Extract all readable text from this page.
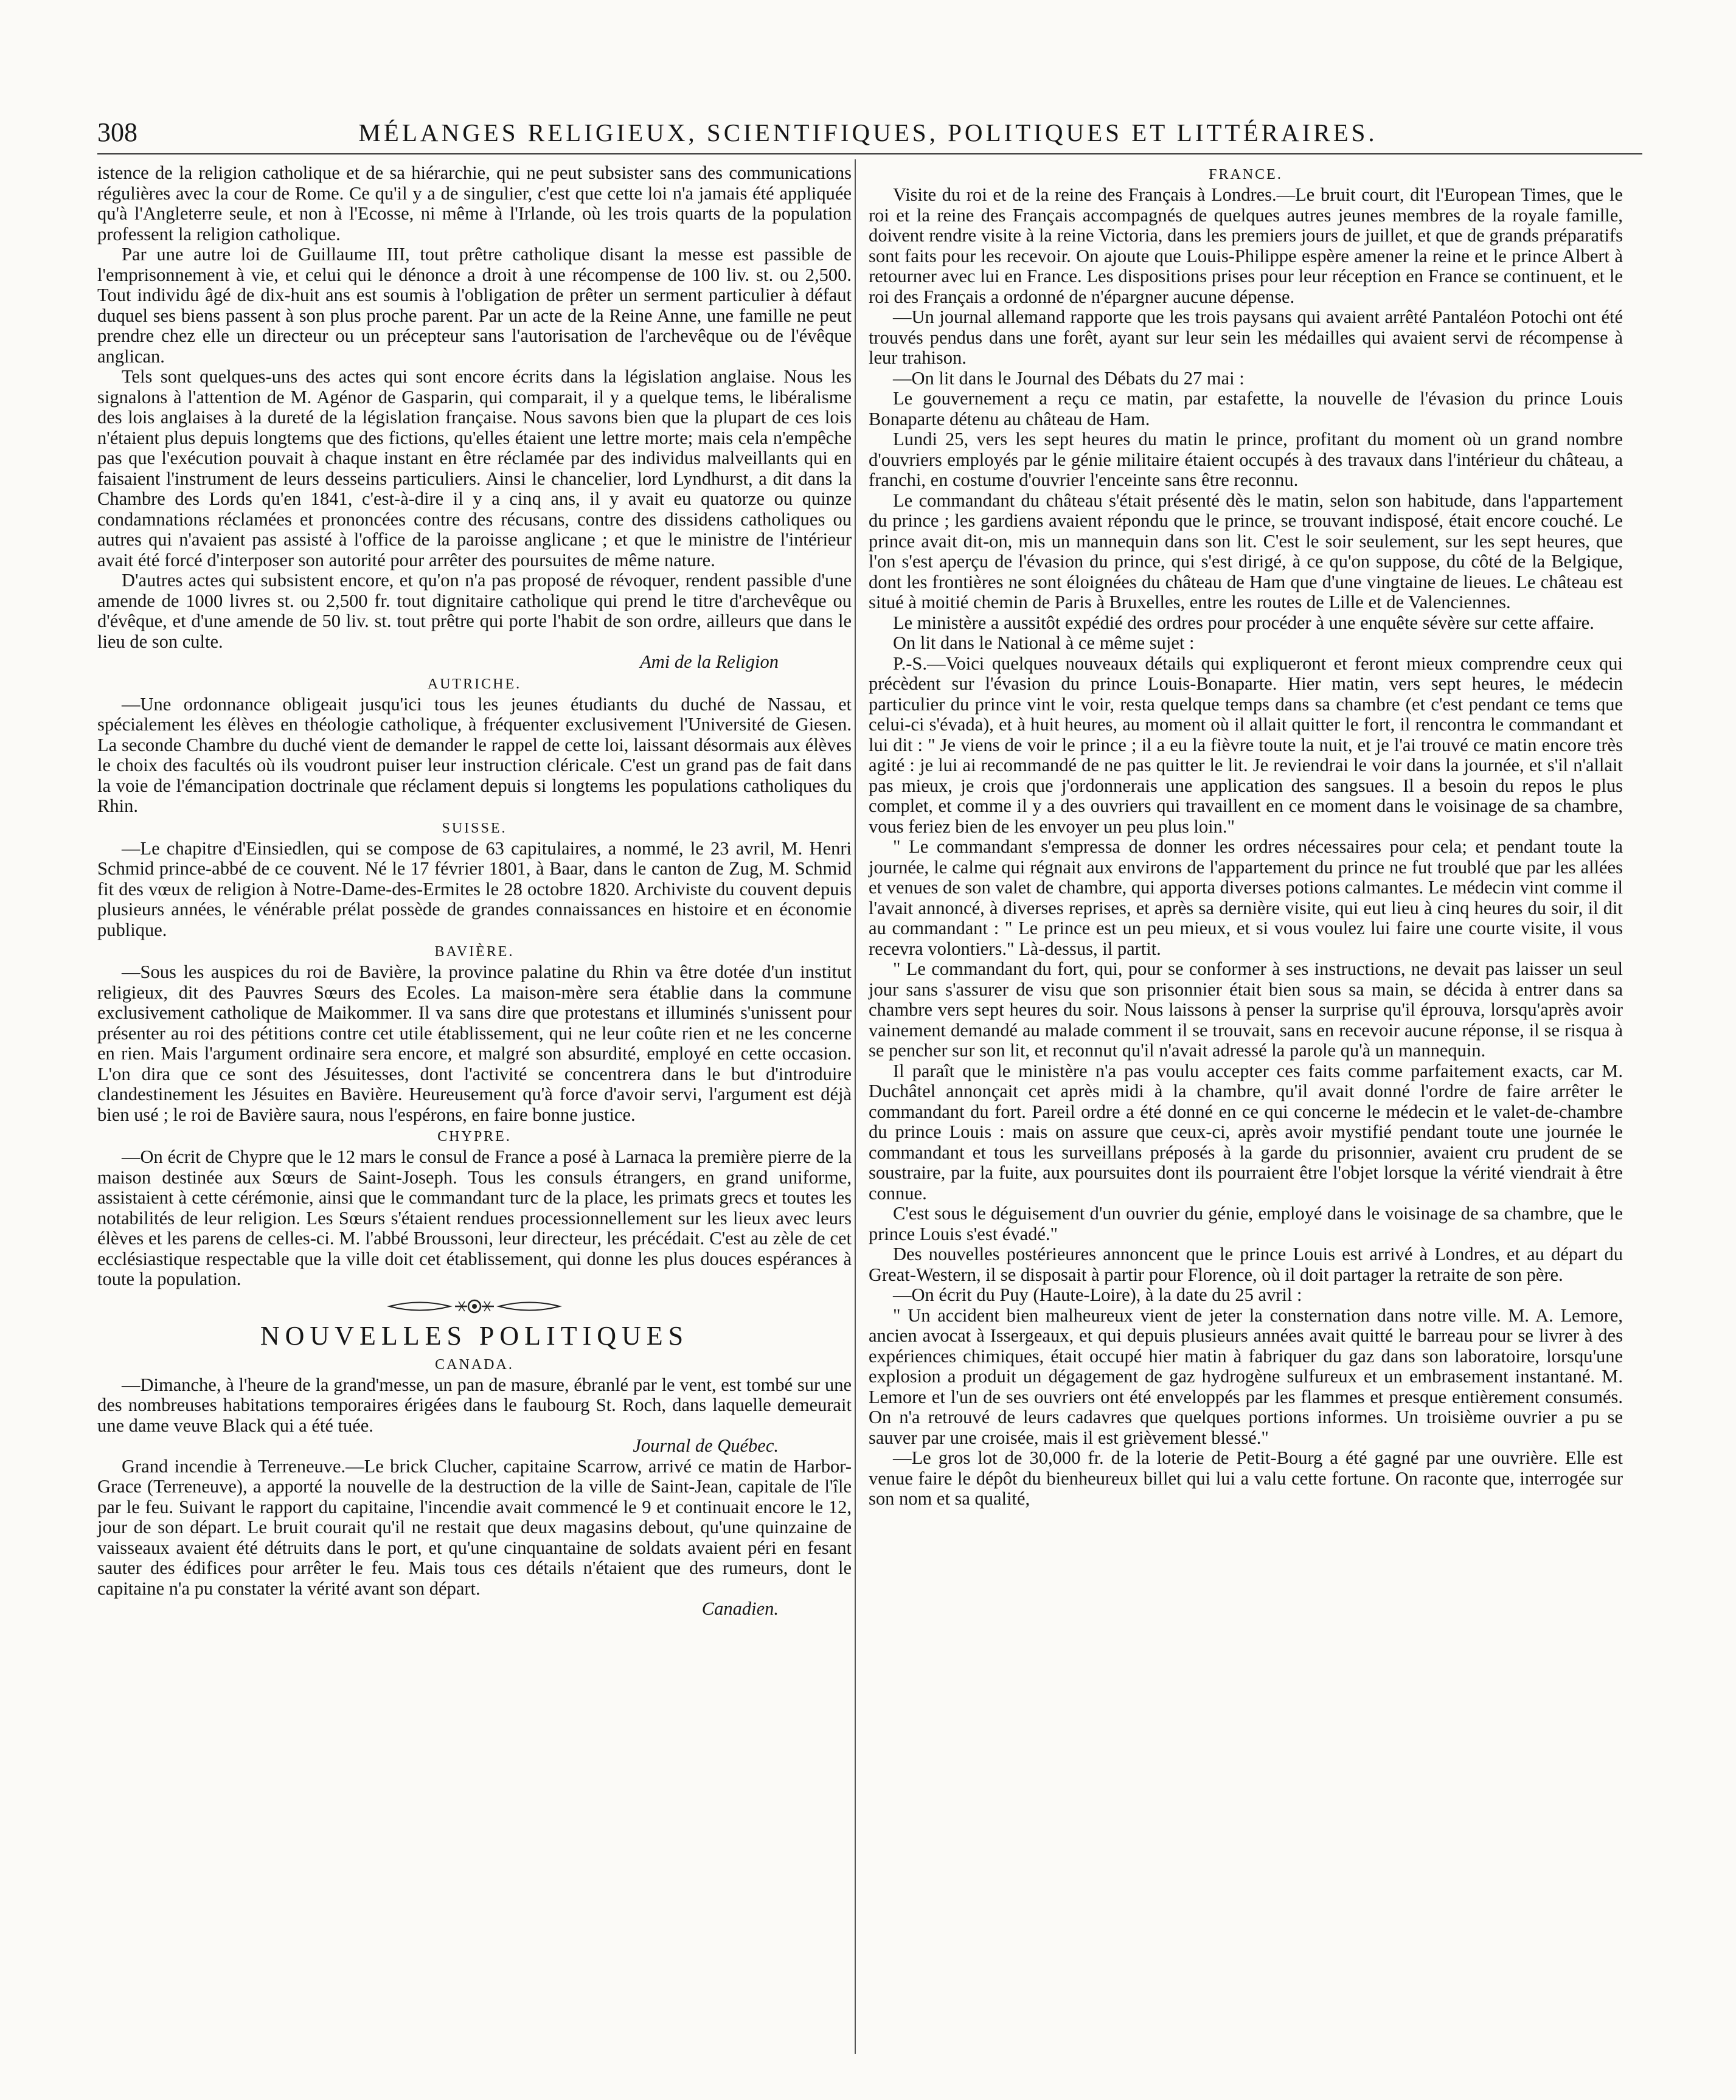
308	MÉLANGES RELIGIEUX, SCIENTIFIQUES, POLITIQUES ET LITTÉRAIRES.

istence de la religion catholique et de sa hiérarchie, qui ne peut subsister sans des communications régulières avec la cour de Rome. Ce qu'il y a de singulier, c'est que cette loi n'a jamais été appliquée qu'à l'Angleterre seule, et non à l'Ecosse, ni même à l'Irlande, où les trois quarts de la population professent la religion catholique.

Par une autre loi de Guillaume III, tout prêtre catholique disant la messe est passible de l'emprisonnement à vie, et celui qui le dénonce a droit à une récompense de 100 liv. st. ou 2,500. Tout individu âgé de dix-huit ans est soumis à l'obligation de prêter un serment particulier à défaut duquel ses biens passent à son plus proche parent. Par un acte de la Reine Anne, une famille ne peut prendre chez elle un directeur ou un précepteur sans l'autorisation de l'archevêque ou de l'évêque anglican.

Tels sont quelques-uns des actes qui sont encore écrits dans la législation anglaise. Nous les signalons à l'attention de M. Agénor de Gasparin, qui comparait, il y a quelque tems, le libéralisme des lois anglaises à la dureté de la législation française. Nous savons bien que la plupart de ces lois n'étaient plus depuis longtems que des fictions, qu'elles étaient une lettre morte; mais cela n'empêche pas que l'exécution pouvait à chaque instant en être réclamée par des individus malveillants qui en faisaient l'instrument de leurs desseins particuliers. Ainsi le chancelier, lord Lyndhurst, a dit dans la Chambre des Lords qu'en 1841, c'est-à-dire il y a cinq ans, il y avait eu quatorze ou quinze condamnations réclamées et prononcées contre des récusans, contre des dissidens catholiques ou autres qui n'avaient pas assisté à l'office de la paroisse anglicane ; et que le ministre de l'intérieur avait été forcé d'interposer son autorité pour arrêter des poursuites de même nature.

D'autres actes qui subsistent encore, et qu'on n'a pas proposé de révoquer, rendent passible d'une amende de 1000 livres st. ou 2,500 fr. tout dignitaire catholique qui prend le titre d'archevêque ou d'évêque, et d'une amende de 50 liv. st. tout prêtre qui porte l'habit de son ordre, ailleurs que dans le lieu de son culte.

Ami de la Religion

AUTRICHE.

—Une ordonnance obligeait jusqu'ici tous les jeunes étudiants du duché de Nassau, et spécialement les élèves en théologie catholique, à fréquenter exclusivement l'Université de Giesen. La seconde Chambre du duché vient de demander le rappel de cette loi, laissant désormais aux élèves le choix des facultés où ils voudront puiser leur instruction cléricale. C'est un grand pas de fait dans la voie de l'émancipation doctrinale que réclament depuis si longtems les populations catholiques du Rhin.

SUISSE.

—Le chapitre d'Einsiedlen, qui se compose de 63 capitulaires, a nommé, le 23 avril, M. Henri Schmid prince-abbé de ce couvent. Né le 17 février 1801, à Baar, dans le canton de Zug, M. Schmid fit des vœux de religion à Notre-Dame-des-Ermites le 28 octobre 1820. Archiviste du couvent depuis plusieurs années, le vénérable prélat possède de grandes connaissances en histoire et en économie publique.

BAVIÈRE.

—Sous les auspices du roi de Bavière, la province palatine du Rhin va être dotée d'un institut religieux, dit des Pauvres Sœurs des Ecoles. La maison-mère sera établie dans la commune exclusivement catholique de Maikommer. Il va sans dire que protestans et illuminés s'unissent pour présenter au roi des pétitions contre cet utile établissement, qui ne leur coûte rien et ne les concerne en rien. Mais l'argument ordinaire sera encore, et malgré son absurdité, employé en cette occasion. L'on dira que ce sont des Jésuitesses, dont l'activité se concentrera dans le but d'introduire clandestinement les Jésuites en Bavière. Heureusement qu'à force d'avoir servi, l'argument est déjà bien usé ; le roi de Bavière saura, nous l'espérons, en faire bonne justice.

CHYPRE.

—On écrit de Chypre que le 12 mars le consul de France a posé à Larnaca la première pierre de la maison destinée aux Sœurs de Saint-Joseph. Tous les consuls étrangers, en grand uniforme, assistaient à cette cérémonie, ainsi que le commandant turc de la place, les primats grecs et toutes les notabilités de leur religion. Les Sœurs s'étaient rendues processionnellement sur les lieux avec leurs élèves et les parens de celles-ci. M. l'abbé Broussoni, leur directeur, les précédait. C'est au zèle de cet ecclésiastique respectable que la ville doit cet établissement, qui donne les plus douces espérances à toute la population.

NOUVELLES POLITIQUES
CANADA.

—Dimanche, à l'heure de la grand'messe, un pan de masure, ébranlé par le vent, est tombé sur une des nombreuses habitations temporaires érigées dans le faubourg St. Roch, dans laquelle demeurait une dame veuve Black qui a été tuée.

Journal de Québec.

Grand incendie à Terreneuve.—Le brick Clucher, capitaine Scarrow, arrivé ce matin de Harbor-Grace (Terreneuve), a apporté la nouvelle de la destruction de la ville de Saint-Jean, capitale de l'île par le feu. Suivant le rapport du capitaine, l'incendie avait commencé le 9 et continuait encore le 12, jour de son départ. Le bruit courait qu'il ne restait que deux magasins debout, qu'une quinzaine de vaisseaux avaient été détruits dans le port, et qu'une cinquantaine de soldats avaient péri en fesant sauter des édifices pour arrêter le feu. Mais tous ces détails n'étaient que des rumeurs, dont le capitaine n'a pu constater la vérité avant son départ.

Canadien.

FRANCE.

Visite du roi et de la reine des Français à Londres.—Le bruit court, dit l'European Times, que le roi et la reine des Français accompagnés de quelques autres jeunes membres de la royale famille, doivent rendre visite à la reine Victoria, dans les premiers jours de juillet, et que de grands préparatifs sont faits pour les recevoir. On ajoute que Louis-Philippe espère amener la reine et le prince Albert à retourner avec lui en France. Les dispositions prises pour leur réception en France se continuent, et le roi des Français a ordonné de n'épargner aucune dépense.

—Un journal allemand rapporte que les trois paysans qui avaient arrêté Pantaléon Potochi ont été trouvés pendus dans une forêt, ayant sur leur sein les médailles qui avaient servi de récompense à leur trahison.

—On lit dans le Journal des Débats du 27 mai :

Le gouvernement a reçu ce matin, par estafette, la nouvelle de l'évasion du prince Louis Bonaparte détenu au château de Ham.

Lundi 25, vers les sept heures du matin le prince, profitant du moment où un grand nombre d'ouvriers employés par le génie militaire étaient occupés à des travaux dans l'intérieur du château, a franchi, en costume d'ouvrier l'enceinte sans être reconnu.

Le commandant du château s'était présenté dès le matin, selon son habitude, dans l'appartement du prince ; les gardiens avaient répondu que le prince, se trouvant indisposé, était encore couché. Le prince avait dit-on, mis un mannequin dans son lit. C'est le soir seulement, sur les sept heures, que l'on s'est aperçu de l'évasion du prince, qui s'est dirigé, à ce qu'on suppose, du côté de la Belgique, dont les frontières ne sont éloignées du château de Ham que d'une vingtaine de lieues. Le château est situé à moitié chemin de Paris à Bruxelles, entre les routes de Lille et de Valenciennes.

Le ministère a aussitôt expédié des ordres pour procéder à une enquête sévère sur cette affaire.

On lit dans le National à ce même sujet :

P.-S.—Voici quelques nouveaux détails qui expliqueront et feront mieux comprendre ceux qui précèdent sur l'évasion du prince Louis-Bonaparte. Hier matin, vers sept heures, le médecin particulier du prince vint le voir, resta quelque temps dans sa chambre (et c'est pendant ce tems que celui-ci s'évada), et à huit heures, au moment où il allait quitter le fort, il rencontra le commandant et lui dit : " Je viens de voir le prince ; il a eu la fièvre toute la nuit, et je l'ai trouvé ce matin encore très agité : je lui ai recommandé de ne pas quitter le lit. Je reviendrai le voir dans la journée, et s'il n'allait pas mieux, je crois que j'ordonnerais une application des sangsues. Il a besoin du repos le plus complet, et comme il y a des ouvriers qui travaillent en ce moment dans le voisinage de sa chambre, vous feriez bien de les envoyer un peu plus loin."

" Le commandant s'empressa de donner les ordres nécessaires pour cela; et pendant toute la journée, le calme qui régnait aux environs de l'appartement du prince ne fut troublé que par les allées et venues de son valet de chambre, qui apporta diverses potions calmantes. Le médecin vint comme il l'avait annoncé, à diverses reprises, et après sa dernière visite, qui eut lieu à cinq heures du soir, il dit au commandant : " Le prince est un peu mieux, et si vous voulez lui faire une courte visite, il vous recevra volontiers." Là-dessus, il partit.

" Le commandant du fort, qui, pour se conformer à ses instructions, ne devait pas laisser un seul jour sans s'assurer de visu que son prisonnier était bien sous sa main, se décida à entrer dans sa chambre vers sept heures du soir. Nous laissons à penser la surprise qu'il éprouva, lorsqu'après avoir vainement demandé au malade comment il se trouvait, sans en recevoir aucune réponse, il se risqua à se pencher sur son lit, et reconnut qu'il n'avait adressé la parole qu'à un mannequin.

Il paraît que le ministère n'a pas voulu accepter ces faits comme parfaitement exacts, car M. Duchâtel annonçait cet après midi à la chambre, qu'il avait donné l'ordre de faire arrêter le commandant du fort. Pareil ordre a été donné en ce qui concerne le médecin et le valet-de-chambre du prince Louis : mais on assure que ceux-ci, après avoir mystifié pendant toute une journée le commandant et tous les surveillans préposés à la garde du prisonnier, avaient cru prudent de se soustraire, par la fuite, aux poursuites dont ils pourraient être l'objet lorsque la vérité viendrait à être connue.

C'est sous le déguisement d'un ouvrier du génie, employé dans le voisinage de sa chambre, que le prince Louis s'est évadé."

Des nouvelles postérieures annoncent que le prince Louis est arrivé à Londres, et au départ du Great-Western, il se disposait à partir pour Florence, où il doit partager la retraite de son père.

—On écrit du Puy (Haute-Loire), à la date du 25 avril :

" Un accident bien malheureux vient de jeter la consternation dans notre ville. M. A. Lemore, ancien avocat à Issergeaux, et qui depuis plusieurs années avait quitté le barreau pour se livrer à des expériences chimiques, était occupé hier matin à fabriquer du gaz dans son laboratoire, lorsqu'une explosion a produit un dégagement de gaz hydrogène sulfureux et un embrasement instantané. M. Lemore et l'un de ses ouvriers ont été enveloppés par les flammes et presque entièrement consumés. On n'a retrouvé de leurs cadavres que quelques portions informes. Un troisième ouvrier a pu se sauver par une croisée, mais il est grièvement blessé."

—Le gros lot de 30,000 fr. de la loterie de Petit-Bourg a été gagné par une ouvrière. Elle est venue faire le dépôt du bienheureux billet qui lui a valu cette fortune. On raconte que, interrogée sur son nom et sa qualité,
